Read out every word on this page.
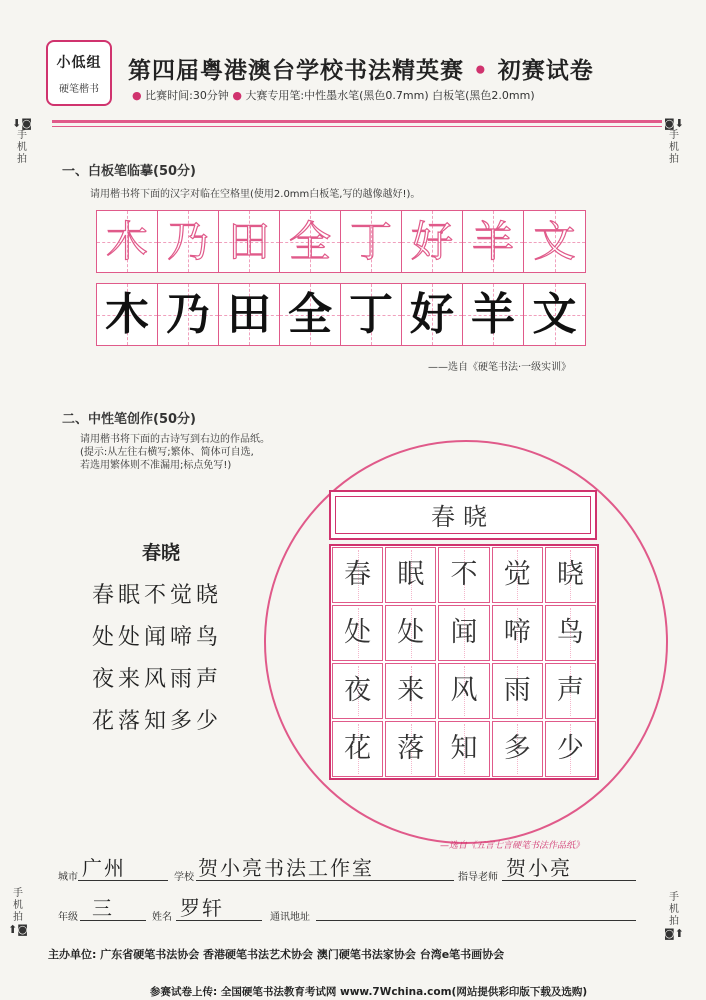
小低组
硬笔楷书
第四届粤港澳台学校书法精英赛 • 初赛试卷
● 比赛时间:30分钟 ● 大赛专用笔:中性墨水笔(黑色0.7mm) 白板笔(黑色2.0mm)
⬇◙
手
机
拍
◙⬇
手
机
拍
手
机
拍
⬆◙
手
机
拍
◙⬆
一、白板笔临摹(50分)
请用楷书将下面的汉字对临在空格里(使用2.0mm白板笔,写的越像越好!)。
木 乃 田 全 丁 好 羊 文
木 乃 田 全 丁 好 羊 文
——选自《硬笔书法·一级实训》
二、中性笔创作(50分)
请用楷书将下面的古诗写到右边的作品纸。
(提示:从左往右横写;繁体、简体可自选,
若选用繁体则不准漏用;标点免写!)
春晓
春眠不觉晓
处处闻啼鸟
夜来风雨声
花落知多少
春晓
春 眠 不 觉 晓
处 处 闻 啼 鸟
夜 来 风 雨 声
花 落 知 多 少
—选自《五言七言硬笔书法作品纸》
城市 广州	学校 贺小亮书法工作室	指导老师 贺小亮
年级 三	姓名 罗轩	通讯地址
主办单位: 广东省硬笔书法协会 香港硬笔书法艺术协会 澳门硬笔书法家协会 台湾e笔书画协会
参赛试卷上传: 全国硬笔书法教育考试网 www.7Wchina.com(网站提供彩印版下载及选购)
